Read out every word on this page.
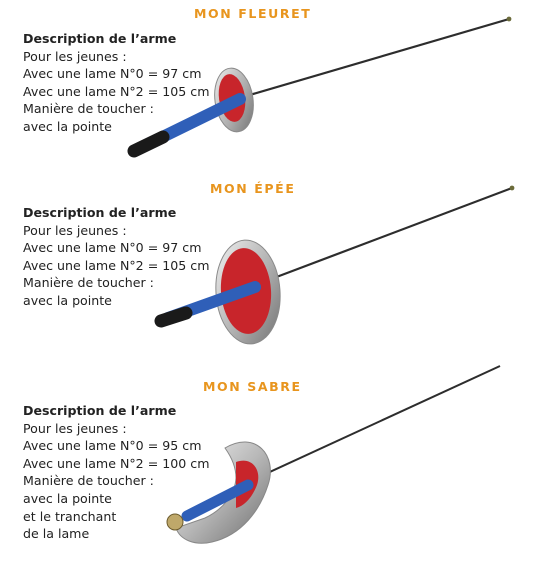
MON FLEURET
Description de l’arme
Pour les jeunes :
Avec une lame N°0 = 97 cm
Avec une lame N°2 = 105 cm
Manière de toucher :
avec la pointe
MON ÉPÉE
Description de l’arme
Pour les jeunes :
Avec une lame N°0 = 97 cm
Avec une lame N°2 = 105 cm
Manière de toucher :
avec la pointe
MON SABRE
Description de l’arme
Pour les jeunes :
Avec une lame N°0 = 95 cm
Avec une lame N°2 = 100 cm
Manière de toucher :
avec la pointe
et le tranchant
de la lame
